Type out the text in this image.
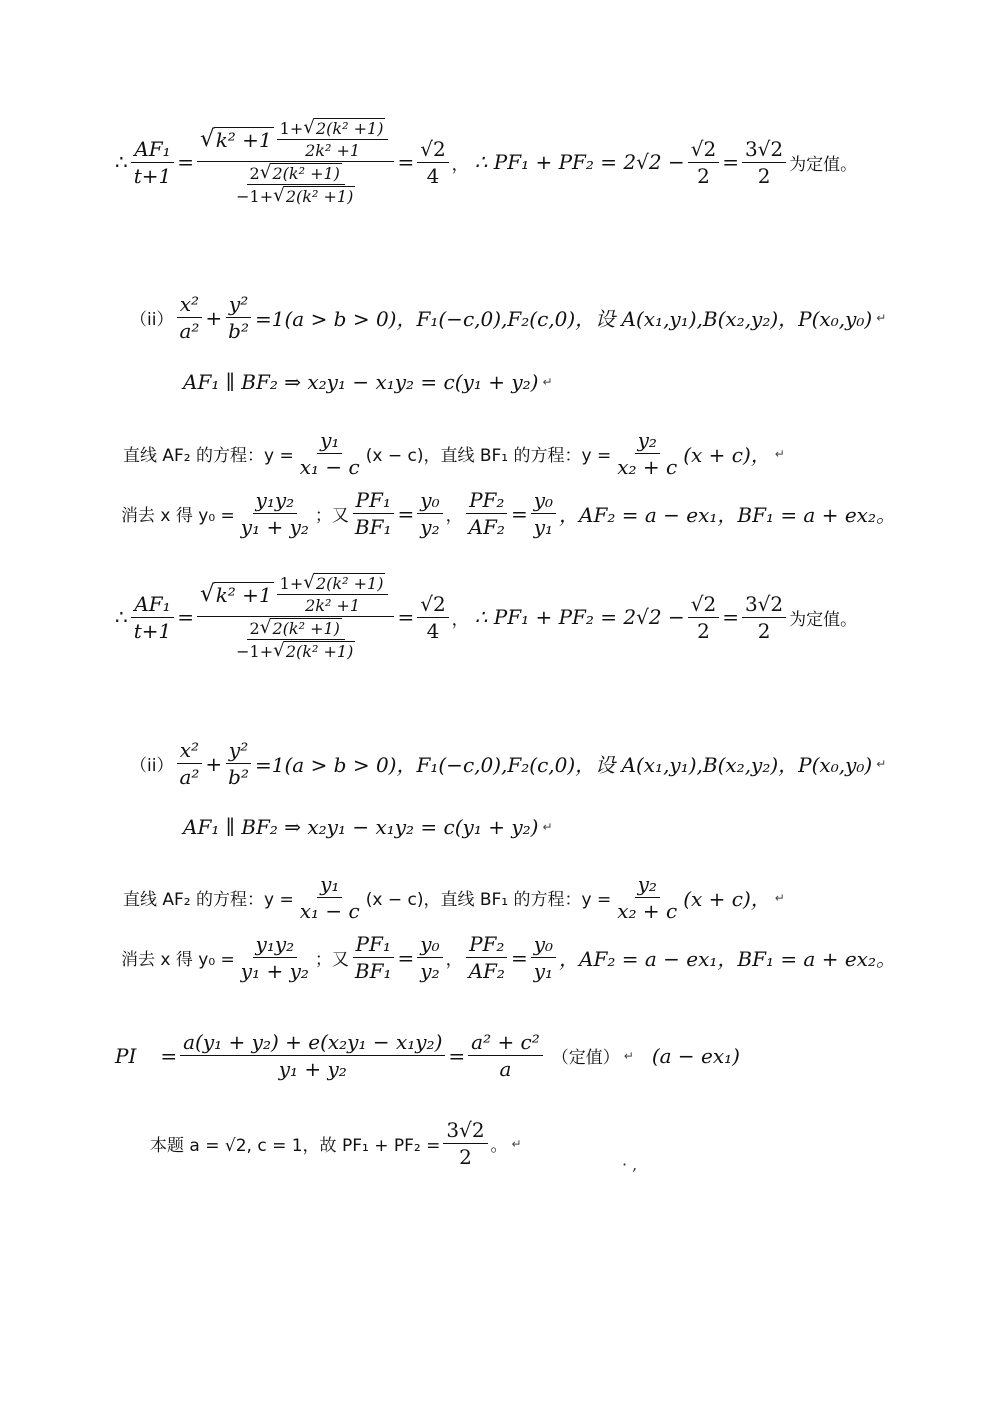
∴ $\frac{\text{AF₁}}{t+1} = \frac{√ k^2 +1 \frac{\text{1+ √ 2(k² +1)}}{\text{2k² +1}}}{\frac{\text{2 √ 2(k² +1)}}{\text{−1+ √ 2(k² +1)}}} = \frac{√2}{4}$ ， ∴ $PF_1 + PF_2 = 2√2 - \frac{√2}{2} = \frac{3√2}{2}$ 为定值。
$(ii) \frac{\text{x²}}{\text{a²}} + \frac{\text{y²}}{\text{b²}} =1(a > b > 0)$，F₁(−c,0),F₂(c,0)，设 A(x₁,y₁),B(x₂,y₂)，P(x₀,y₀) ↵
AF₁ ∥ BF₂ ⇒ x₂y₁ − x₁y₂ = c(y₁ + y₂) ↵
直线 AF₂ 的方程：$y = \frac{\text{y₁}}{\text{x₁ − c}} (x - c)$，直线 BF₁ 的方程：$y = \frac{\text{y₂}}{\text{x₂ + c}} (x + c)$， ↵
消去 x 得 $y_0 = \frac{\text{y₁y₂}}{\text{y₁ + y₂}}$ ；又 $\frac{\text{PF₁}}{\text{BF₁}} = \frac{\text{y₀}}{\text{y₂}}$ ， $\frac{\text{PF₂}}{\text{AF₂}} = \frac{\text{y₀}}{\text{y₁}}$ ，AF₂ = a − ex₁，BF₁ = a + ex₂。
∴ $\frac{\text{AF₁}}{t+1} = \frac{√ k^2 +1 \frac{\text{1+ √ 2(k² +1)}}{\text{2k² +1}}}{\frac{\text{2 √ 2(k² +1)}}{\text{−1+ √ 2(k² +1)}}} = \frac{√2}{4}$ ， ∴ $PF_1 + PF_2 = 2√2 - \frac{√2}{2} = \frac{3√2}{2}$ 为定值。
$(ii) \frac{\text{x²}}{\text{a²}} + \frac{\text{y²}}{\text{b²}} =1(a > b > 0)$，F₁(−c,0),F₂(c,0)，设 A(x₁,y₁),B(x₂,y₂)，P(x₀,y₀) ↵
AF₁ ∥ BF₂ ⇒ x₂y₁ − x₁y₂ = c(y₁ + y₂) ↵
直线 AF₂ 的方程：$y = \frac{\text{y₁}}{\text{x₁ − c}} (x - c)$，直线 BF₁ 的方程：$y = \frac{\text{y₂}}{\text{x₂ + c}} (x + c)$， ↵
消去 x 得 $y_0 = \frac{\text{y₁y₂}}{\text{y₁ + y₂}}$ ；又 $\frac{\text{PF₁}}{\text{BF₁}} = \frac{\text{y₀}}{\text{y₂}}$ ， $\frac{\text{PF₂}}{\text{AF₂}} = \frac{\text{y₀}}{\text{y₁}}$ ，AF₂ = a − ex₁，BF₁ = a + ex₂。
PI = $\frac{\text{a(y₁ + y₂) + e(x₂y₁ − x₁y₂)}}{\text{y₁ + y₂}} = \frac{\text{a² + c²}}{a}$ （定值） ↵ (a − ex₁)
本题 a = √2, c = 1，故 $PF_1 + PF_2 = \frac{3√2}{2}$ 。 ↵
· ,
